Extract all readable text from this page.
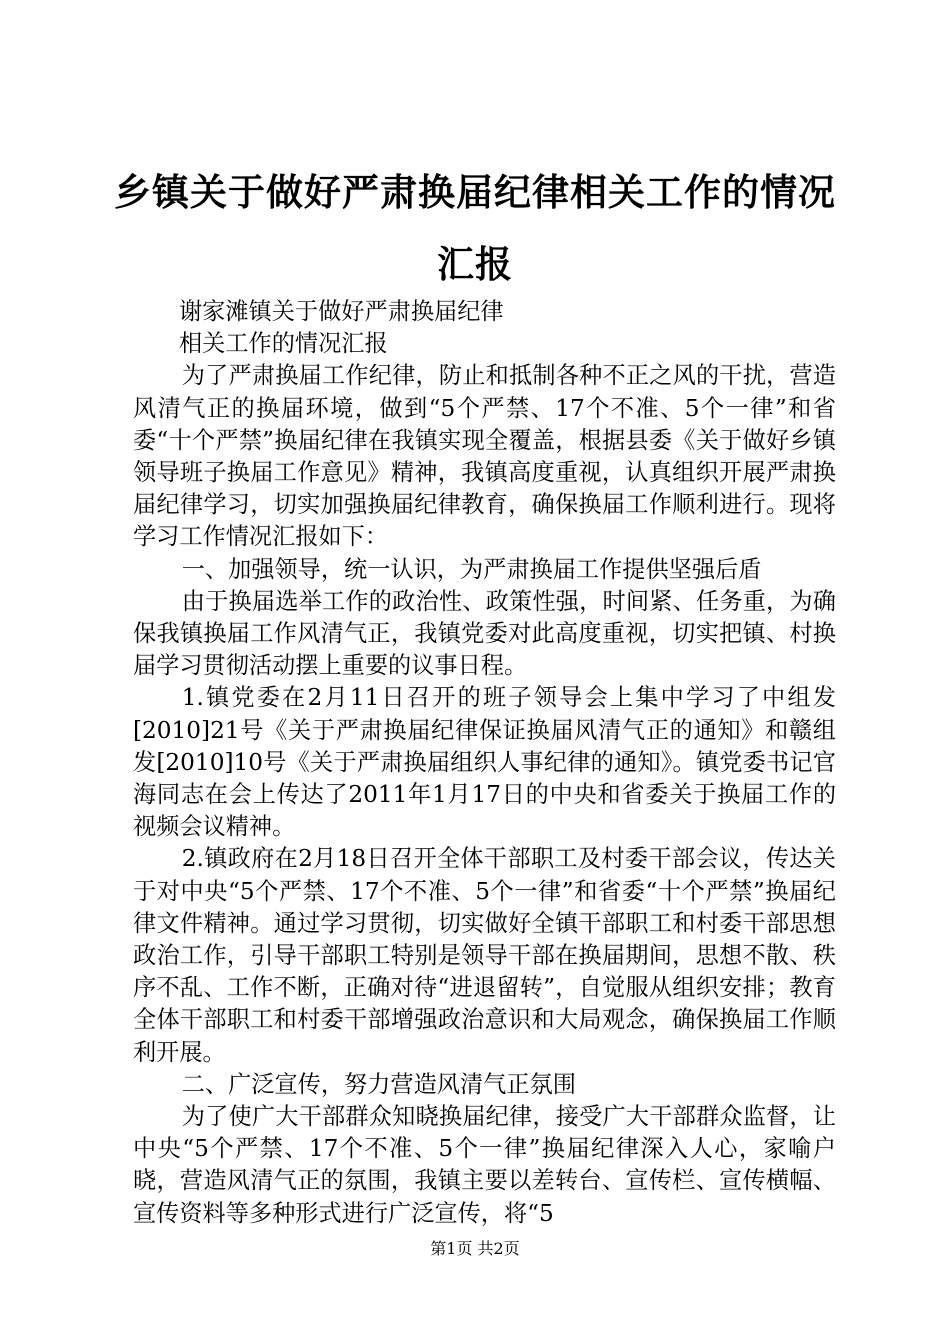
乡镇关于做好严肃换届纪律相关工作的情况汇报

谢家滩镇关于做好严肃换届纪律

相关工作的情况汇报

为了严肃换届工作纪律，防止和抵制各种不正之风的干扰，营造风清气正的换届环境，做到“5个严禁、17个不准、5个一律”和省委“十个严禁”换届纪律在我镇实现全覆盖，根据县委《关于做好乡镇领导班子换届工作意见》精神，我镇高度重视，认真组织开展严肃换届纪律学习，切实加强换届纪律教育，确保换届工作顺利进行。现将学习工作情况汇报如下：

一、加强领导，统一认识，为严肃换届工作提供坚强后盾

由于换届选举工作的政治性、政策性强，时间紧、任务重，为确保我镇换届工作风清气正，我镇党委对此高度重视，切实把镇、村换届学习贯彻活动摆上重要的议事日程。

1.镇党委在2月11日召开的班子领导会上集中学习了中组发[2010]21号《关于严肃换届纪律保证换届风清气正的通知》和赣组发[2010]10号《关于严肃换届组织人事纪律的通知》。镇党委书记官海同志在会上传达了2011年1月17日的中央和省委关于换届工作的视频会议精神。

2.镇政府在2月18日召开全体干部职工及村委干部会议，传达关于对中央“5个严禁、17个不准、5个一律”和省委“十个严禁”换届纪律文件精神。通过学习贯彻，切实做好全镇干部职工和村委干部思想政治工作，引导干部职工特别是领导干部在换届期间，思想不散、秩序不乱、工作不断，正确对待“进退留转”，自觉服从组织安排；教育全体干部职工和村委干部增强政治意识和大局观念，确保换届工作顺利开展。

二、广泛宣传，努力营造风清气正氛围

为了使广大干部群众知晓换届纪律，接受广大干部群众监督，让中央“5个严禁、17个不准、5个一律”换届纪律深入人心，家喻户晓，营造风清气正的氛围，我镇主要以差转台、宣传栏、宣传横幅、宣传资料等多种形式进行广泛宣传，将“5

第1页 共2页
